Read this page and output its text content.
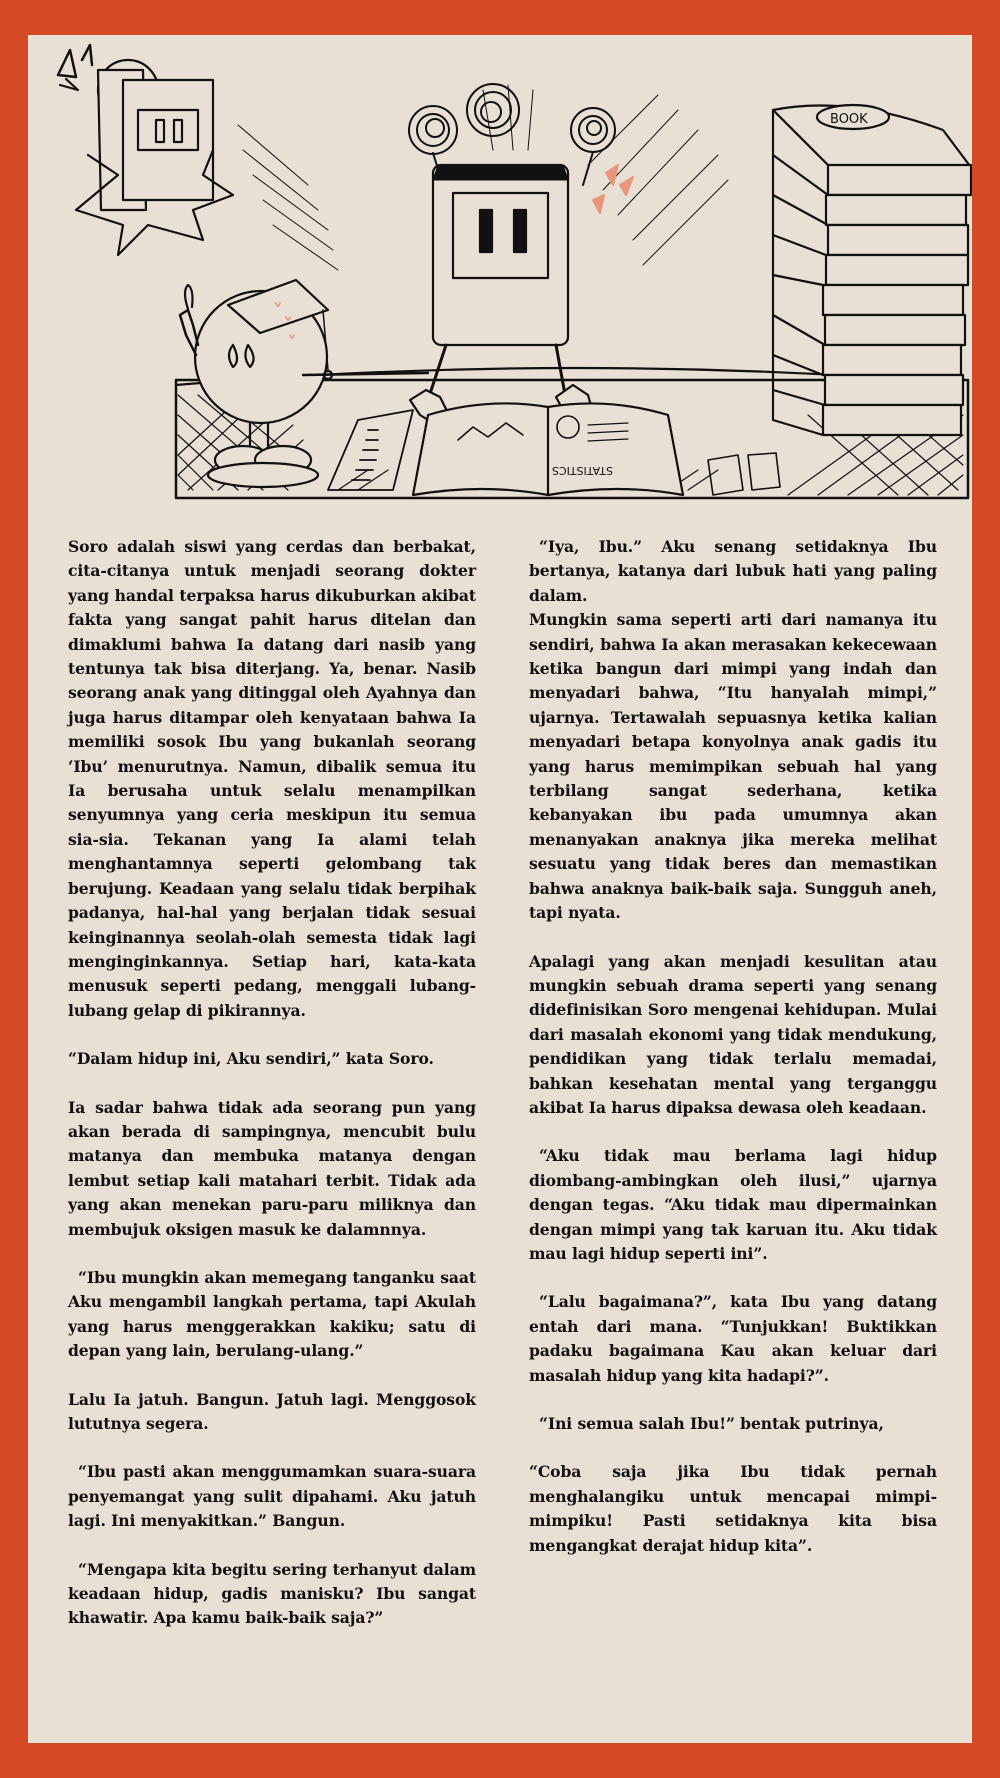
STATISTICS
BOOK

Soro adalah siswi yang cerdas dan berbakat, cita-citanya untuk menjadi seorang dokter yang handal terpaksa harus dikuburkan akibat fakta yang sangat pahit harus ditelan dan dimaklumi bahwa Ia datang dari nasib yang tentunya tak bisa diterjang. Ya, benar. Nasib seorang anak yang ditinggal oleh Ayahnya dan juga harus ditampar oleh kenyataan bahwa Ia memiliki sosok Ibu yang bukanlah seorang ‘Ibu’ menurutnya. Namun, dibalik semua itu Ia berusaha untuk selalu menampilkan senyumnya yang ceria meskipun itu semua sia-sia. Tekanan yang Ia alami telah menghantamnya seperti gelombang tak berujung. Keadaan yang selalu tidak berpihak padanya, hal-hal yang berjalan tidak sesuai keinginannya seolah-olah semesta tidak lagi menginginkannya. Setiap hari, kata-kata menusuk seperti pedang, menggali lubang-lubang gelap di pikirannya.

“Dalam hidup ini, Aku sendiri,” kata Soro.

Ia sadar bahwa tidak ada seorang pun yang akan berada di sampingnya, mencubit bulu matanya dan membuka matanya dengan lembut setiap kali matahari terbit. Tidak ada yang akan menekan paru-paru miliknya dan membujuk oksigen masuk ke dalamnnya.

“Ibu mungkin akan memegang tanganku saat Aku mengambil langkah pertama, tapi Akulah yang harus menggerakkan kakiku; satu di depan yang lain, berulang-ulang.”

Lalu Ia jatuh. Bangun. Jatuh lagi. Menggosok lututnya segera.

“Ibu pasti akan menggumamkan suara-suara penyemangat yang sulit dipahami. Aku jatuh lagi. Ini menyakitkan.” Bangun.

“Mengapa kita begitu sering terhanyut dalam keadaan hidup, gadis manisku? Ibu sangat khawatir. Apa kamu baik-baik saja?”

“Iya, Ibu.” Aku senang setidaknya Ibu bertanya, katanya dari lubuk hati yang paling dalam.

Mungkin sama seperti arti dari namanya itu sendiri, bahwa Ia akan merasakan kekecewaan ketika bangun dari mimpi yang indah dan menyadari bahwa, “Itu hanyalah mimpi,” ujarnya. Tertawalah sepuasnya ketika kalian menyadari betapa konyolnya anak gadis itu yang harus memimpikan sebuah hal yang terbilang sangat sederhana, ketika kebanyakan ibu pada umumnya akan menanyakan anaknya jika mereka melihat sesuatu yang tidak beres dan memastikan bahwa anaknya baik-baik saja. Sungguh aneh, tapi nyata.

Apalagi yang akan menjadi kesulitan atau mungkin sebuah drama seperti yang senang didefinisikan Soro mengenai kehidupan. Mulai dari masalah ekonomi yang tidak mendukung, pendidikan yang tidak terlalu memadai, bahkan kesehatan mental yang terganggu akibat Ia harus dipaksa dewasa oleh keadaan.

“Aku tidak mau berlama lagi hidup diombang-ambingkan oleh ilusi,” ujarnya dengan tegas. “Aku tidak mau dipermainkan dengan mimpi yang tak karuan itu. Aku tidak mau lagi hidup seperti ini”.

“Lalu bagaimana?”, kata Ibu yang datang entah dari mana. “Tunjukkan! Buktikkan padaku bagaimana Kau akan keluar dari masalah hidup yang kita hadapi?”.

“Ini semua salah Ibu!” bentak putrinya,

“Coba saja jika Ibu tidak pernah menghalangiku untuk mencapai mimpi-mimpiku! Pasti setidaknya kita bisa mengangkat derajat hidup kita”.
